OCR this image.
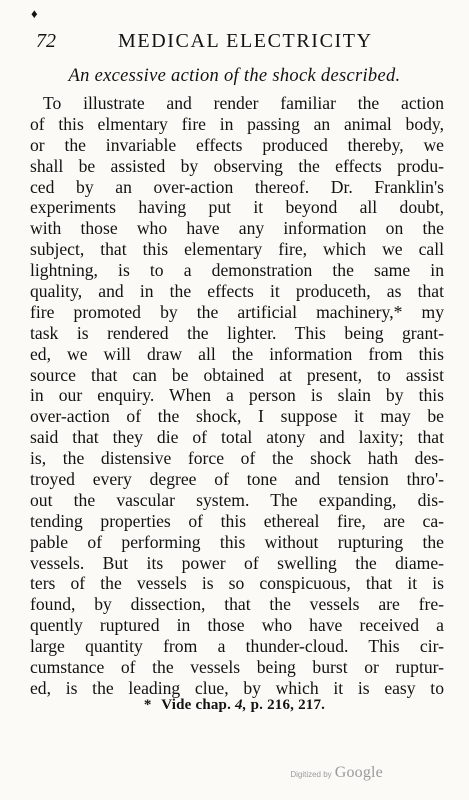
♦
72	MEDICAL ELECTRICITY
An excessive action of the shock described.
To illustrate and render familiar the action
of this elmentary fire in passing an animal body,
or the invariable effects produced thereby, we
shall be assisted by observing the effects produ-
ced by an over-action thereof. Dr. Franklin's
experiments having put it beyond all doubt,
with those who have any information on the
subject, that this elementary fire, which we call
lightning, is to a demonstration the same in
quality, and in the effects it produceth, as that
fire promoted by the artificial machinery,* my
task is rendered the lighter. This being grant-
ed, we will draw all the information from this
source that can be obtained at present, to assist
in our enquiry. When a person is slain by this
over-action of the shock, I suppose it may be
said that they die of total atony and laxity; that
is, the distensive force of the shock hath des-
troyed every degree of tone and tension thro'-
out the vascular system. The expanding, dis-
tending properties of this ethereal fire, are ca-
pable of performing this without rupturing the
vessels. But its power of swelling the diame-
ters of the vessels is so conspicuous, that it is
found, by dissection, that the vessels are fre-
quently ruptured in those who have received a
large quantity from a thunder-cloud. This cir-
cumstance of the vessels being burst or ruptur-
ed, is the leading clue, by which it is easy to
* Vide chap. 4, p. 216, 217.
Digitized by Google
